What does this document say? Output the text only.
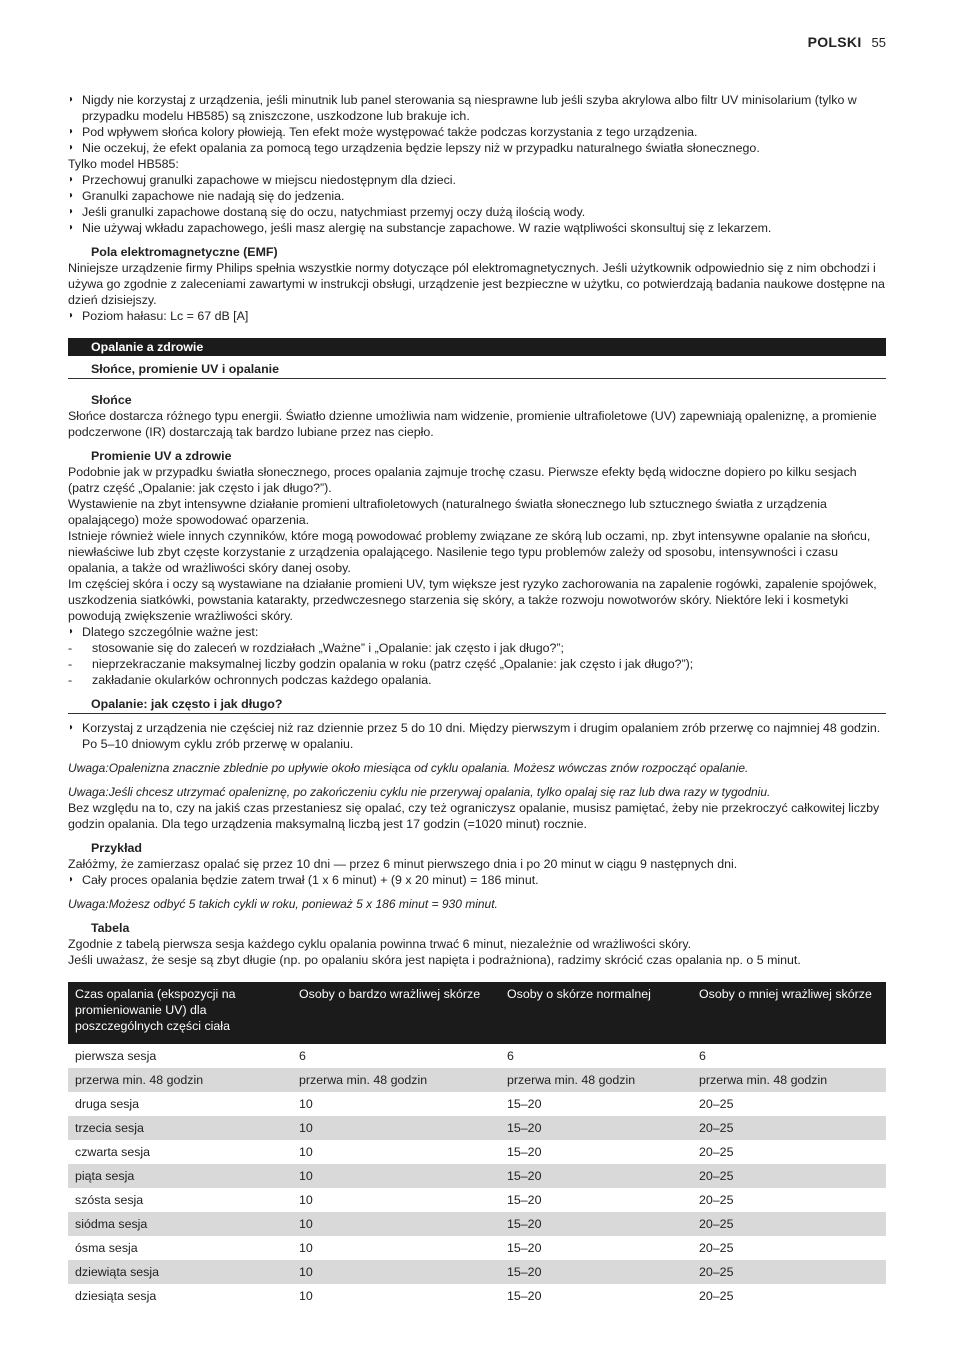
POLSKI 55
◗ Nigdy nie korzystaj z urządzenia, jeśli minutnik lub panel sterowania są niesprawne lub jeśli szyba akrylowa albo filtr UV minisolarium (tylko w przypadku modelu HB585) są zniszczone, uszkodzone lub brakuje ich.
◗ Pod wpływem słońca kolory płowieją. Ten efekt może występować także podczas korzystania z tego urządzenia.
◗ Nie oczekuj, że efekt opalania za pomocą tego urządzenia będzie lepszy niż w przypadku naturalnego światła słonecznego.

Tylko model HB585:

◗ Przechowuj granulki zapachowe w miejscu niedostępnym dla dzieci.
◗ Granulki zapachowe nie nadają się do jedzenia.
◗ Jeśli granulki zapachowe dostaną się do oczu, natychmiast przemyj oczy dużą ilością wody.
◗ Nie używaj wkładu zapachowego, jeśli masz alergię na substancje zapachowe. W razie wątpliwości skonsultuj się z lekarzem.
Pola elektromagnetyczne (EMF)

Niniejsze urządzenie firmy Philips spełnia wszystkie normy dotyczące pól elektromagnetycznych. Jeśli użytkownik odpowiednio się z nim obchodzi i używa go zgodnie z zaleceniami zawartymi w instrukcji obsługi, urządzenie jest bezpieczne w użytku, co potwierdzają badania naukowe dostępne na dzień dzisiejszy.

◗ Poziom hałasu: Lc = 67 dB [A]
Opalanie a zdrowie
Słońce, promienie UV i opalanie
Słońce

Słońce dostarcza różnego typu energii. Światło dzienne umożliwia nam widzenie, promienie ultrafioletowe (UV) zapewniają opaleniznę, a promienie podczerwone (IR) dostarczają tak bardzo lubiane przez nas ciepło.

Promienie UV a zdrowie

Podobnie jak w przypadku światła słonecznego, proces opalania zajmuje trochę czasu. Pierwsze efekty będą widoczne dopiero po kilku sesjach (patrz część „Opalanie: jak często i jak długo?”).

Wystawienie na zbyt intensywne działanie promieni ultrafioletowych (naturalnego światła słonecznego lub sztucznego światła z urządzenia opalającego) może spowodować oparzenia.

Istnieje również wiele innych czynników, które mogą powodować problemy związane ze skórą lub oczami, np. zbyt intensywne opalanie na słońcu, niewłaściwe lub zbyt częste korzystanie z urządzenia opalającego. Nasilenie tego typu problemów zależy od sposobu, intensywności i czasu opalania, a także od wrażliwości skóry danej osoby.

Im częściej skóra i oczy są wystawiane na działanie promieni UV, tym większe jest ryzyko zachorowania na zapalenie rogówki, zapalenie spojówek, uszkodzenia siatkówki, powstania katarakty, przedwczesnego starzenia się skóry, a także rozwoju nowotworów skóry. Niektóre leki i kosmetyki powodują zwiększenie wrażliwości skóry.

◗ Dlatego szczególnie ważne jest:

- stosowanie się do zaleceń w rozdziałach „Ważne” i „Opalanie: jak często i jak długo?”;

- nieprzekraczanie maksymalnej liczby godzin opalania w roku (patrz część „Opalanie: jak często i jak długo?”);

- zakładanie okularków ochronnych podczas każdego opalania.

Opalanie: jak często i jak długo?
◗ Korzystaj z urządzenia nie częściej niż raz dziennie przez 5 do 10 dni. Między pierwszym i drugim opalaniem zrób przerwę co najmniej 48 godzin. Po 5–10 dniowym cyklu zrób przerwę w opalaniu.

Uwaga:Opalenizna znacznie zblednie po upływie około miesiąca od cyklu opalania. Możesz wówczas znów rozpocząć opalanie.

Uwaga:Jeśli chcesz utrzymać opaleniznę, po zakończeniu cyklu nie przerywaj opalania, tylko opalaj się raz lub dwa razy w tygodniu.

Bez względu na to, czy na jakiś czas przestaniesz się opalać, czy też ograniczysz opalanie, musisz pamiętać, żeby nie przekroczyć całkowitej liczby godzin opalania. Dla tego urządzenia maksymalną liczbą jest 17 godzin (=1020 minut) rocznie.

Przykład

Załóżmy, że zamierzasz opalać się przez 10 dni — przez 6 minut pierwszego dnia i po 20 minut w ciągu 9 następnych dni.

◗ Cały proces opalania będzie zatem trwał (1 x 6 minut) + (9 x 20 minut) = 186 minut.

Uwaga:Możesz odbyć 5 takich cykli w roku, ponieważ 5 x 186 minut = 930 minut.

Tabela

Zgodnie z tabelą pierwsza sesja każdego cyklu opalania powinna trwać 6 minut, niezależnie od wrażliwości skóry.

Jeśli uważasz, że sesje są zbyt długie (np. po opalaniu skóra jest napięta i podrażniona), radzimy skrócić czas opalania np. o 5 minut.

Czas opalania (ekspozycji na promieniowanie UV) dla poszczególnych części ciała	Osoby o bardzo wrażliwej skórze	Osoby o skórze normalnej	Osoby o mniej wrażliwej skórze
pierwsza sesja	6	6	6
przerwa min. 48 godzin	przerwa min. 48 godzin	przerwa min. 48 godzin	przerwa min. 48 godzin
druga sesja	10	15–20	20–25
trzecia sesja	10	15–20	20–25
czwarta sesja	10	15–20	20–25
piąta sesja	10	15–20	20–25
szósta sesja	10	15–20	20–25
siódma sesja	10	15–20	20–25
ósma sesja	10	15–20	20–25
dziewiąta sesja	10	15–20	20–25
dziesiąta sesja	10	15–20	20–25
